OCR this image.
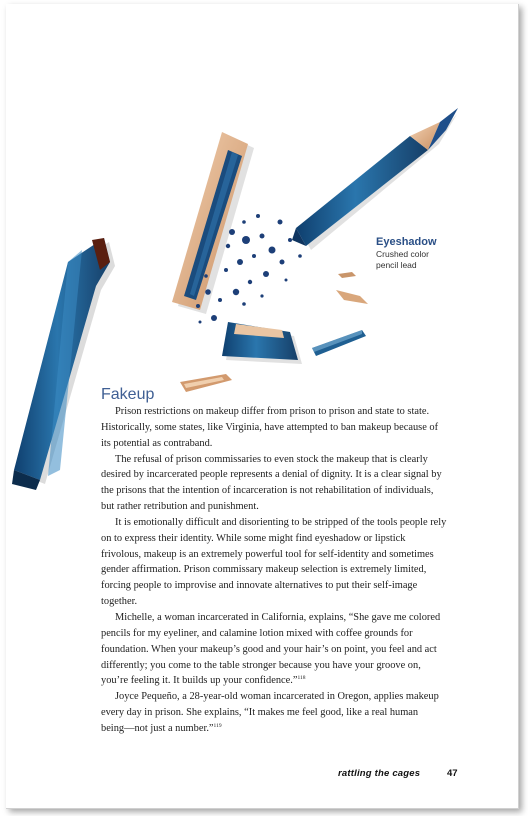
Eyeshadow
Crushed color
pencil lead
Fakeup

Prison restrictions on makeup differ from prison to prison and state to state.
Historically, some states, like Virginia, have attempted to ban makeup because of
its potential as contraband.

The refusal of prison commissaries to even stock the makeup that is clearly
desired by incarcerated people represents a denial of dignity. It is a clear signal by
the prisons that the intention of incarceration is not rehabilitation of individuals,
but rather retribution and punishment.

It is emotionally difficult and disorienting to be stripped of the tools people rely
on to express their identity. While some might find eyeshadow or lipstick
frivolous, makeup is an extremely powerful tool for self-identity and sometimes
gender affirmation. Prison commissary makeup selection is extremely limited,
forcing people to improvise and innovate alternatives to put their self-image
together.

Michelle, a woman incarcerated in California, explains, “She gave me colored
pencils for my eyeliner, and calamine lotion mixed with coffee grounds for
foundation. When your makeup’s good and your hair’s on point, you feel and act
differently; you come to the table stronger because you have your groove on,
you’re feeling it. It builds up your confidence.”$^{118}$

Joyce Pequeño, a 28-year-old woman incarcerated in Oregon, applies makeup
every day in prison. She explains, “It makes me feel good, like a real human
being—not just a number.”$^{119}$

rattling the cages	47
